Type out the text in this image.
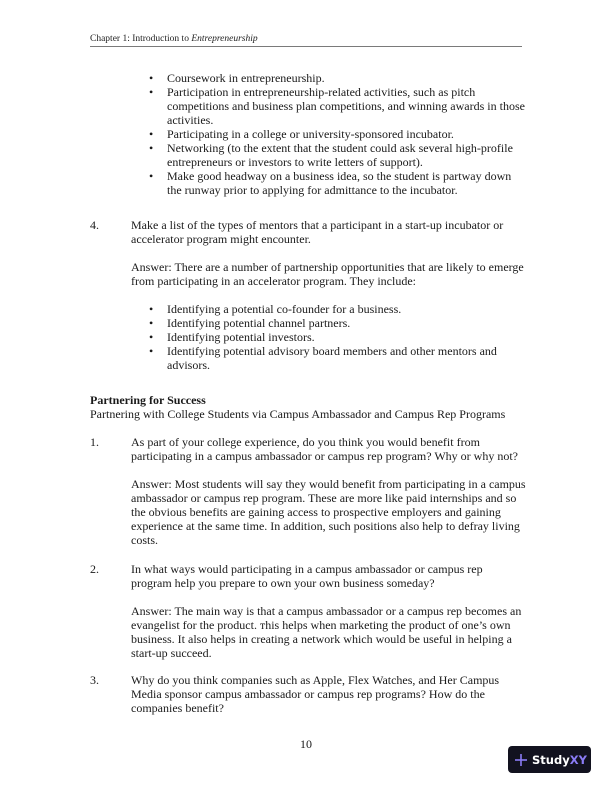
Chapter 1: Introduction to Entrepreneurship
• Coursework in entrepreneurship.
• Participation in entrepreneurship-related activities, such as pitch competitions and business plan competitions, and winning awards in those activities.
• Participating in a college or university-sponsored incubator.
• Networking (to the extent that the student could ask several high-profile entrepreneurs or investors to write letters of support).
• Make good headway on a business idea, so the student is partway down the runway prior to applying for admittance to the incubator.
4.	Make a list of the types of mentors that a participant in a start-up incubator or accelerator program might encounter.
Answer: There are a number of partnership opportunities that are likely to emerge from participating in an accelerator program. They include:
• Identifying a potential co-founder for a business.
• Identifying potential channel partners.
• Identifying potential investors.
• Identifying potential advisory board members and other mentors and advisors.
Partnering for Success
Partnering with College Students via Campus Ambassador and Campus Rep Programs
1.	As part of your college experience, do you think you would benefit from participating in a campus ambassador or campus rep program? Why or why not?
Answer: Most students will say they would benefit from participating in a campus ambassador or campus rep program. These are more like paid internships and so the obvious benefits are gaining access to prospective employers and gaining experience at the same time. In addition, such positions also help to defray living costs.
2.	In what ways would participating in a campus ambassador or campus rep program help you prepare to own your own business someday?
Answer: The main way is that a campus ambassador or a campus rep becomes an evangelist for the product. ᴛhis helps when marketing the product of one’s own business. It also helps in creating a network which would be useful in helping a start-up succeed.
3.	Why do you think companies such as Apple, Flex Watches, and Her Campus Media sponsor campus ambassador or campus rep programs? How do the companies benefit?
10
Study XY
